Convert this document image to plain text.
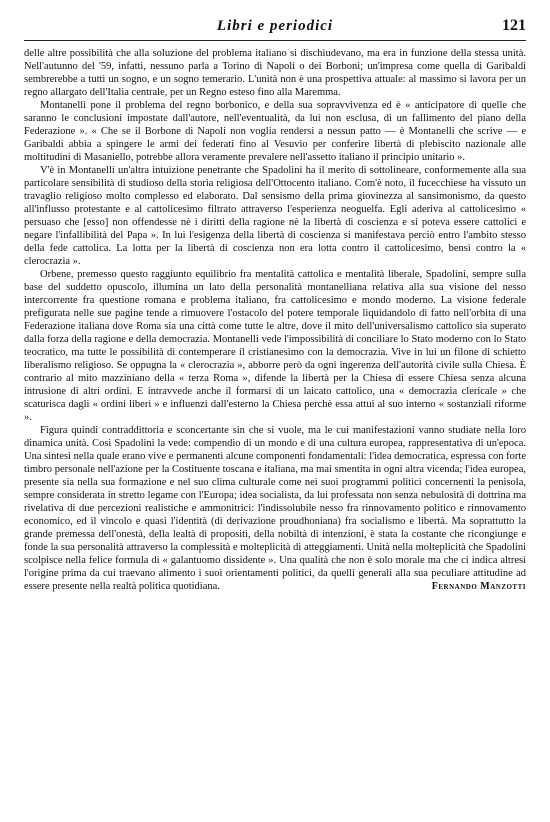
Libri e periodici	121

delle altre possibilità che alla soluzione del problema italiano si dischiudevano, ma era in funzione della stessa unità. Nell'autunno del '59, infatti, nessuno parla a Torino di Napoli o dei Borboni; un'impresa come quella di Garibaldi sembrerebbe a tutti un sogno, e un sogno temerario. L'unità non è una prospettiva attuale: al massimo si lavora per un regno allargato dell'Italia centrale, per un Regno esteso fino alla Maremma.

Montanelli pone il problema del regno borbonico, e della sua sopravvivenza ed è « anticipatore di quelle che saranno le conclusioni impostate dall'autore, nell'eventualità, da lui non esclusa, di un fallimento del piano della Federazione ». « Che se il Borbone di Napoli non voglia rendersi a nessun patto — è Montanelli che scrive — e Garibaldi abbia a spingere le armi dei federati fino al Vesuvio per conferire libertà di plebiscito nazionale alle moltitudini di Masaniello, potrebbe allora veramente prevalere nell'assetto italiano il principio unitario ».

V'è in Montanelli un'altra intuizione penetrante che Spadolini ha il merito di sottolineare, conformemente alla sua particolare sensibilità di studioso della storia religiosa dell'Ottocento italiano. Com'è noto, il fucecchiese ha vissuto un travaglio religioso molto complesso ed elaborato. Dal sensismo della prima giovinezza al sansimonismo, da questo all'influsso protestante e al cattolicesimo filtrato attraverso l'esperienza neoguelfa. Egli aderiva al cattolicesimo « persuaso che [esso] non offendesse nè i diritti della ragione nè la libertà di coscienza e si poteva essere cattolici e negare l'infallibilità del Papa ». In lui l'esigenza della libertà di coscienza si manifestava perciò entro l'ambito stesso della fede cattolica. La lotta per la libertà di coscienza non era lotta contro il cattolicesimo, bensì contro la « clerocrazia ».

Orbene, premesso questo raggiunto equilibrio fra mentalità cattolica e mentalità liberale, Spadolini, sempre sulla base del suddetto opuscolo, illumina un lato della personalità montanelliana relativa alla sua visione del nesso intercorrente fra questione romana e problema italiano, fra cattolicesimo e mondo moderno. La visione federale prefigurata nelle sue pagine tende a rimuovere l'ostacolo del potere temporale liquidandolo di fatto nell'orbita di una Federazione italiana dove Roma sia una città come tutte le altre, dove il mito dell'universalismo cattolico sia superato dalla forza della ragione e della democrazia. Montanelli vede l'impossibilità di conciliare lo Stato moderno con lo Stato teocratico, ma tutte le possibilità di contemperare il cristianesimo con la democrazia. Vive in lui un filone di schietto liberalismo religioso. Se oppugna la « clerocrazia », abborre però da ogni ingerenza dell'autorità civile sulla Chiesa. È contrario al mito mazziniano della « terza Roma », difende la libertà per la Chiesa di essere Chiesa senza alcuna intrusione di altri ordini. E intravvede anche il formarsi di un laicato cattolico, una « democrazia clericale » che scaturisca dagli « ordini liberi » e influenzi dall'esterno la Chiesa perchè essa attui al suo interno « sostanziali riforme ».

Figura quindi contraddittoria e sconcertante sin che si vuole, ma le cui manifestazioni vanno studiate nella loro dinamica unità. Così Spadolini la vede: compendio di un mondo e di una cultura europea, rappresentativa di un'epoca. Una sintesi nella quale erano vive e permanenti alcune componenti fondamentali: l'idea democratica, espressa con forte timbro personale nell'azione per la Costituente toscana e italiana, ma mai smentita in ogni altra vicenda; l'idea europea, presente sia nella sua formazione e nel suo clima culturale come nei suoi programmi politici concernenti la penisola, sempre considerata in stretto legame con l'Europa; idea socialista, da lui professata non senza nebulosità di dottrina ma rivelativa di due percezioni realistiche e ammonitrici: l'indissolubile nesso fra rinnovamento politico e rinnovamento economico, ed il vincolo e quasi l'identità (di derivazione proudhoniana) fra socialismo e libertà. Ma soprattutto la grande premessa dell'onestà, della lealtà di propositi, della nobiltà di intenzioni, è stata la costante che ricongiunge e fonde la sua personalità attraverso la complessità e molteplicità di atteggiamenti. Unità nella molteplicità che Spadolini scolpisce nella felice formula di « galantuomo dissidente ». Una qualità che non è solo morale ma che ci indica altresì l'origine prima da cui traevano alimento i suoi orientamenti politici, da quelli generali alla sua peculiare attitudine ad essere presente nella realtà politica quotidiana.	Fernando Manzotti
